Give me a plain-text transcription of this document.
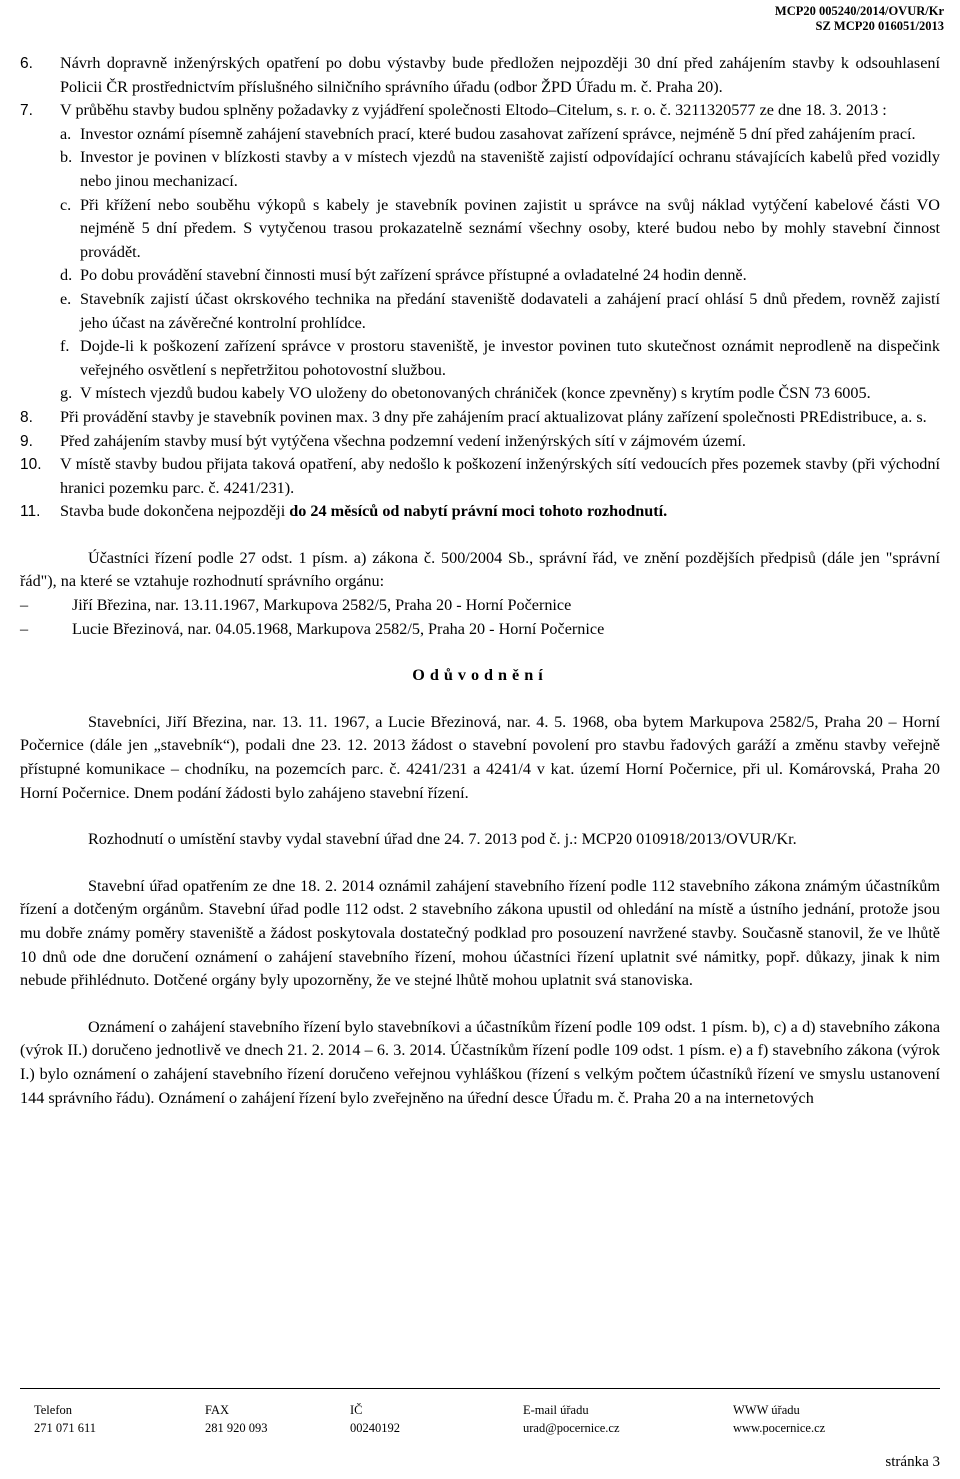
MCP20 005240/2014/OVUR/Kr
SZ MCP20 016051/2013

6. Návrh dopravně inženýrských opatření po dobu výstavby bude předložen nejpozději 30 dní před zahájením stavby k odsouhlasení Policii ČR prostřednictvím příslušného silničního správního úřadu (odbor ŽPD Úřadu m. č. Praha 20).

7. V průběhu stavby budou splněny požadavky z vyjádření společnosti Eltodo–Citelum, s. r. o. č. 3211320577 ze dne 18. 3. 2013 :

a. Investor oznámí písemně zahájení stavebních prací, které budou zasahovat zařízení správce, nejméně 5 dní před zahájením prací.

b. Investor je povinen v blízkosti stavby a v místech vjezdů na staveniště zajistí odpovídající ochranu stávajících kabelů před vozidly nebo jinou mechanizací.

c. Při křížení nebo souběhu výkopů s kabely je stavebník povinen zajistit u správce na svůj náklad vytýčení kabelové části VO nejméně 5 dní předem. S vytyčenou trasou prokazatelně seznámí všechny osoby, které budou nebo by mohly stavební činnost provádět.

d. Po dobu provádění stavební činnosti musí být zařízení správce přístupné a ovladatelné 24 hodin denně.

e. Stavebník zajistí účast okrskového technika na předání staveniště dodavateli a zahájení prací ohlásí 5 dnů předem, rovněž zajistí jeho účast na závěrečné kontrolní prohlídce.

f. Dojde-li k poškození zařízení správce v prostoru staveniště, je investor povinen tuto skutečnost oznámit neprodleně na dispečink veřejného osvětlení s nepřetržitou pohotovostní službou.

g. V místech vjezdů budou kabely VO uloženy do obetonovaných chrániček (konce zpevněny) s krytím podle ČSN 73 6005.

8. Při provádění stavby je stavebník povinen max. 3 dny pře zahájením prací aktualizovat plány zařízení společnosti PREdistribuce, a. s.

9. Před zahájením stavby musí být vytýčena všechna podzemní vedení inženýrských sítí v zájmovém území.

10. V místě stavby budou přijata taková opatření, aby nedošlo k poškození inženýrských sítí vedoucích přes pozemek stavby (při východní hranici pozemku parc. č. 4241/231).

11. Stavba bude dokončena nejpozději do 24 měsíců od nabytí právní moci tohoto rozhodnutí.

Účastníci řízení podle 27 odst. 1 písm. a) zákona č. 500/2004 Sb., správní řád, ve znění pozdějších předpisů (dále jen "správní řád"), na které se vztahuje rozhodnutí správního orgánu:

–	Jiří Březina, nar. 13.11.1967, Markupova 2582/5, Praha 20 - Horní Počernice

–	Lucie Březinová, nar. 04.05.1968, Markupova 2582/5, Praha 20 - Horní Počernice

Odůvodnění

Stavebníci, Jiří Březina, nar. 13. 11. 1967, a Lucie Březinová, nar. 4. 5. 1968, oba bytem Markupova 2582/5, Praha 20 – Horní Počernice (dále jen „stavebník“), podali dne 23. 12. 2013 žádost o stavební povolení pro stavbu řadových garáží a změnu stavby veřejně přístupné komunikace – chodníku, na pozemcích parc. č. 4241/231 a 4241/4 v kat. území Horní Počernice, při ul. Komárovská, Praha 20 Horní Počernice. Dnem podání žádosti bylo zahájeno stavební řízení.

Rozhodnutí o umístění stavby vydal stavební úřad dne 24. 7. 2013 pod č. j.: MCP20 010918/2013/OVUR/Kr.

Stavební úřad opatřením ze dne 18. 2. 2014 oznámil zahájení stavebního řízení podle 112 stavebního zákona známým účastníkům řízení a dotčeným orgánům. Stavební úřad podle 112 odst. 2 stavebního zákona upustil od ohledání na místě a ústního jednání, protože jsou mu dobře známy poměry staveniště a žádost poskytovala dostatečný podklad pro posouzení navržené stavby. Současně stanovil, že ve lhůtě 10 dnů ode dne doručení oznámení o zahájení stavebního řízení, mohou účastníci řízení uplatnit své námitky, popř. důkazy, jinak k nim nebude přihlédnuto. Dotčené orgány byly upozorněny, že ve stejné lhůtě mohou uplatnit svá stanoviska.

Oznámení o zahájení stavebního řízení bylo stavebníkovi a účastníkům řízení podle 109 odst. 1 písm. b), c) a d) stavebního zákona (výrok II.) doručeno jednotlivě ve dnech 21. 2. 2014 – 6. 3. 2014. Účastníkům řízení podle 109 odst. 1 písm. e) a f) stavebního zákona (výrok I.) bylo oznámení o zahájení stavebního řízení doručeno veřejnou vyhláškou (řízení s velkým počtem účastníků řízení ve smyslu ustanovení 144 správního řádu). Oznámení o zahájení řízení bylo zveřejněno na úřední desce Úřadu m. č. Praha 20 a na internetových

Telefon
271 071 611
FAX
281 920 093
IČ
00240192
E-mail úřadu
urad@pocernice.cz
WWW úřadu
www.pocernice.cz
stránka 3
